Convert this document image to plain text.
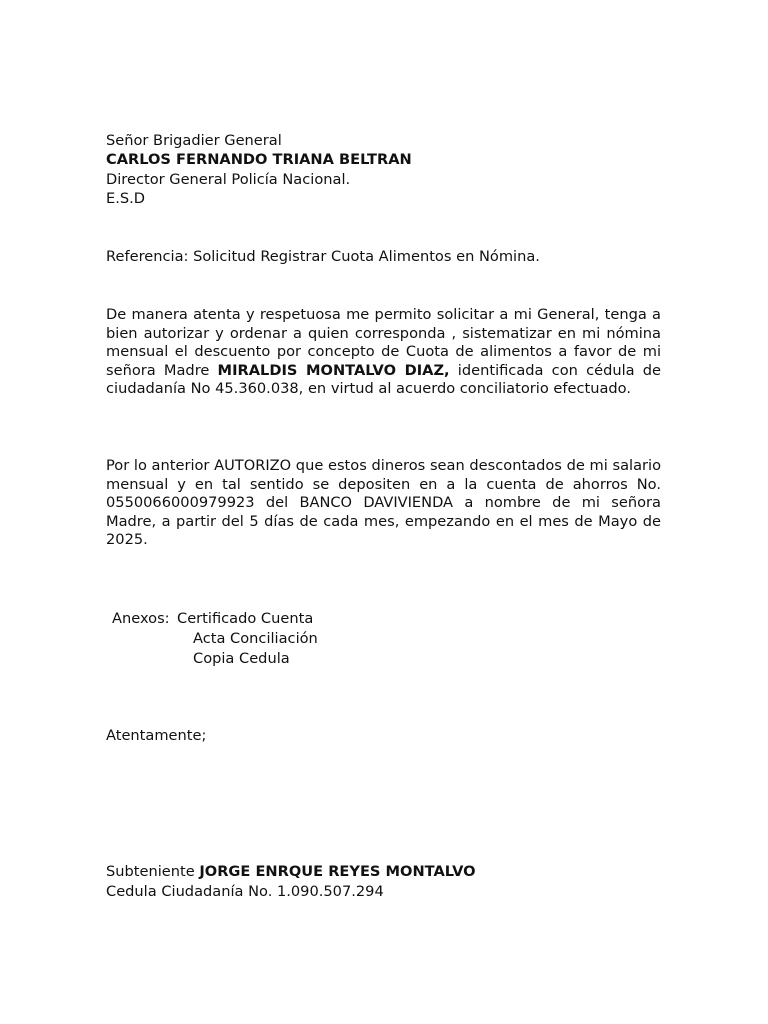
Señor Brigadier General
CARLOS FERNANDO TRIANA BELTRAN
Director General Policía Nacional.
E.S.D
Referencia: Solicitud Registrar Cuota Alimentos en Nómina.

De manera atenta y respetuosa me permito solicitar a mi General, tenga a bien autorizar y ordenar a quien corresponda , sistematizar en mi nómina mensual el descuento por concepto de Cuota de alimentos a favor de mi señora Madre MIRALDIS MONTALVO DIAZ, identificada con cédula de ciudadanía No 45.360.038, en virtud al acuerdo conciliatorio efectuado.

Por lo anterior AUTORIZO que estos dineros sean descontados de mi salario mensual y en tal sentido se depositen en a la cuenta de ahorros No. 0550066000979923 del BANCO DAVIVIENDA a nombre de mi señora Madre, a partir del 5 días de cada mes, empezando en el mes de Mayo de 2025.

Anexos: Certificado Cuenta
Acta Conciliación
Copia Cedula
Atentamente;
Subteniente JORGE ENRQUE REYES MONTALVO
Cedula Ciudadanía No. 1.090.507.294
